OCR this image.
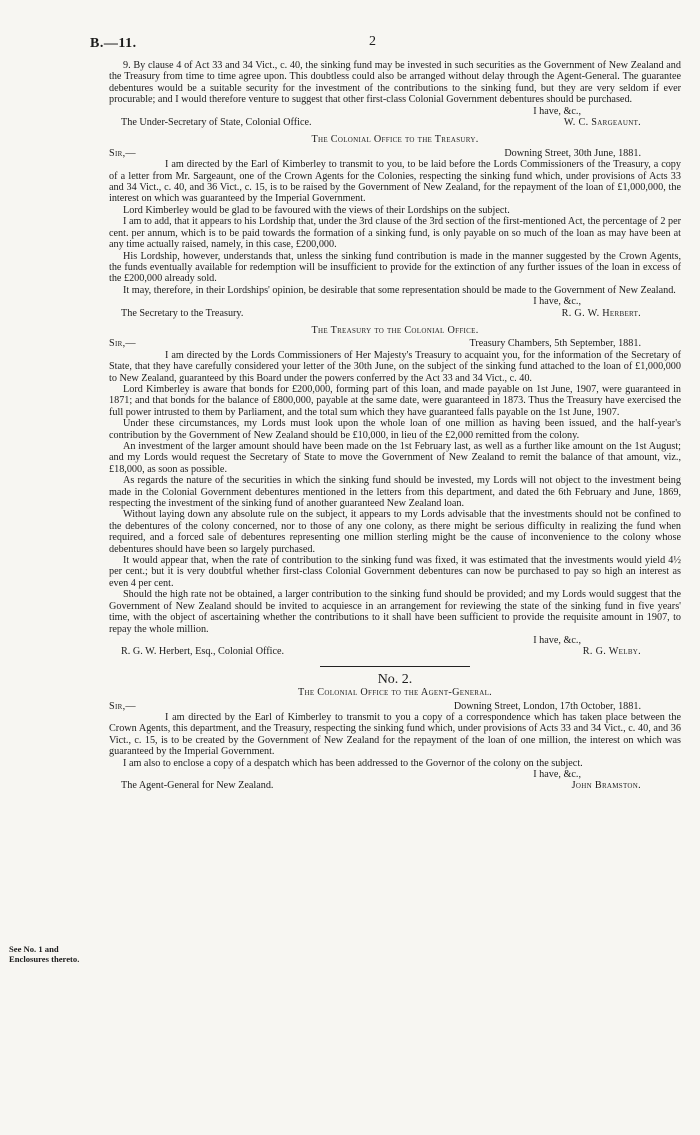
B.—11.	2
See No. 1 and Enclosures thereto.

9. By clause 4 of Act 33 and 34 Vict., c. 40, the sinking fund may be invested in such securities as the Government of New Zealand and the Treasury from time to time agree upon. This doubtless could also be arranged without delay through the Agent-General. The guarantee debentures would be a suitable security for the investment of the contributions to the sinking fund, but they are very seldom if ever procurable; and I would therefore venture to suggest that other first-class Colonial Government debentures should be purchased.

I have, &c.,
The Under-Secretary of State, Colonial Office.	W. C. Sargeaunt.

The Colonial Office to the Treasury.

Sir,—	Downing Street, 30th June, 1881.

I am directed by the Earl of Kimberley to transmit to you, to be laid before the Lords Commissioners of the Treasury, a copy of a letter from Mr. Sargeaunt, one of the Crown Agents for the Colonies, respecting the sinking fund which, under provisions of Acts 33 and 34 Vict., c. 40, and 36 Vict., c. 15, is to be raised by the Government of New Zealand, for the repayment of the loan of £1,000,000, the interest on which was guaranteed by the Imperial Government.

Lord Kimberley would be glad to be favoured with the views of their Lordships on the subject.

I am to add, that it appears to his Lordship that, under the 3rd clause of the 3rd section of the first-mentioned Act, the percentage of 2 per cent. per annum, which is to be paid towards the formation of a sinking fund, is only payable on so much of the loan as may have been at any time actually raised, namely, in this case, £200,000.

His Lordship, however, understands that, unless the sinking fund contribution is made in the manner suggested by the Crown Agents, the funds eventually available for redemption will be insufficient to provide for the extinction of any further issues of the loan in excess of the £200,000 already sold.

It may, therefore, in their Lordships' opinion, be desirable that some representation should be made to the Government of New Zealand.

I have, &c.,
The Secretary to the Treasury.	R. G. W. Herbert.

The Treasury to the Colonial Office.

Sir,—	Treasury Chambers, 5th September, 1881.

I am directed by the Lords Commissioners of Her Majesty's Treasury to acquaint you, for the information of the Secretary of State, that they have carefully considered your letter of the 30th June, on the subject of the sinking fund attached to the loan of £1,000,000 to New Zealand, guaranteed by this Board under the powers conferred by the Act 33 and 34 Vict., c. 40.

Lord Kimberley is aware that bonds for £200,000, forming part of this loan, and made payable on 1st June, 1907, were guaranteed in 1871; and that bonds for the balance of £800,000, payable at the same date, were guaranteed in 1873. Thus the Treasury have exercised the full power intrusted to them by Parliament, and the total sum which they have guaranteed falls payable on the 1st June, 1907.

Under these circumstances, my Lords must look upon the whole loan of one million as having been issued, and the half-year's contribution by the Government of New Zealand should be £10,000, in lieu of the £2,000 remitted from the colony.

An investment of the larger amount should have been made on the 1st February last, as well as a further like amount on the 1st August; and my Lords would request the Secretary of State to move the Government of New Zealand to remit the balance of that amount, viz., £18,000, as soon as possible.

As regards the nature of the securities in which the sinking fund should be invested, my Lords will not object to the investment being made in the Colonial Government debentures mentioned in the letters from this department, and dated the 6th February and June, 1869, respecting the investment of the sinking fund of another guaranteed New Zealand loan.

Without laying down any absolute rule on the subject, it appears to my Lords advisable that the investments should not be confined to the debentures of the colony concerned, nor to those of any one colony, as there might be serious difficulty in realizing the fund when required, and a forced sale of debentures representing one million sterling might be the cause of inconvenience to the colony whose debentures should have been so largely purchased.

It would appear that, when the rate of contribution to the sinking fund was fixed, it was estimated that the investments would yield 4½ per cent.; but it is very doubtful whether first-class Colonial Government debentures can now be purchased to pay so high an interest as even 4 per cent.

Should the high rate not be obtained, a larger contribution to the sinking fund should be provided; and my Lords would suggest that the Government of New Zealand should be invited to acquiesce in an arrangement for reviewing the state of the sinking fund in five years' time, with the object of ascertaining whether the contributions to it shall have been sufficient to provide the requisite amount in 1907, to repay the whole million.

I have, &c.,
R. G. W. Herbert, Esq., Colonial Office.	R. G. Welby.

No. 2.

The Colonial Office to the Agent-General.

Sir,—	Downing Street, London, 17th October, 1881.

I am directed by the Earl of Kimberley to transmit to you a copy of a correspondence which has taken place between the Crown Agents, this department, and the Treasury, respecting the sinking fund which, under provisions of Acts 33 and 34 Vict., c. 40, and 36 Vict., c. 15, is to be created by the Government of New Zealand for the repayment of the loan of one million, the interest on which was guaranteed by the Imperial Government.

I am also to enclose a copy of a despatch which has been addressed to the Governor of the colony on the subject.

I have, &c.,
The Agent-General for New Zealand.	John Bramston.
